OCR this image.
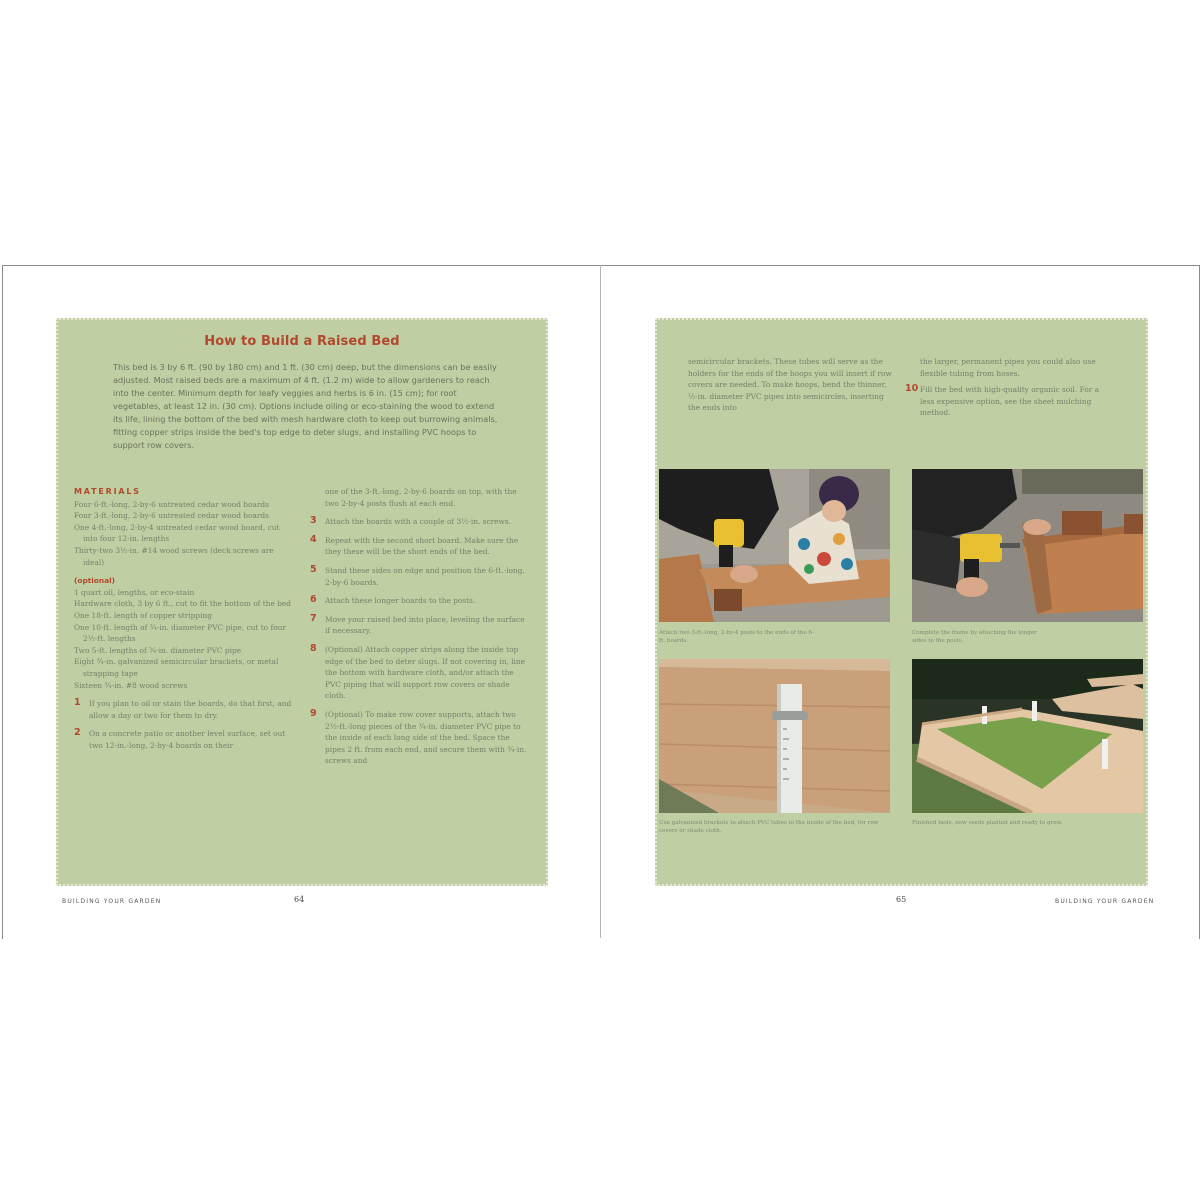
How to Build a Raised Bed
This bed is 3 by 6 ft. (90 by 180 cm) and 1 ft. (30 cm) deep, but the dimensions can be easily adjusted. Most raised beds are a maximum of 4 ft. (1.2 m) wide to allow gardeners to reach into the center. Minimum depth for leafy veggies and herbs is 6 in. (15 cm); for root vegetables, at least 12 in. (30 cm). Options include oiling or eco-staining the wood to extend its life, lining the bottom of the bed with mesh hardware cloth to keep out burrowing animals, fitting copper strips inside the bed's top edge to deter slugs, and installing PVC hoops to support row covers.
MATERIALS
Four 6-ft.-long, 2-by-6 untreated cedar wood boards
Four 3-ft.-long, 2-by-6 untreated cedar wood boards
One 4-ft.-long, 2-by-4 untreated cedar wood board, cut into four 12-in. lengths
Thirty-two 3½-in. #14 wood screws (deck screws are ideal)
(optional)
1 quart oil, lengths, or eco-stain
Hardware cloth, 3 by 6 ft., cut to fit the bottom of the bed
One 18-ft. length of copper stripping
One 10-ft. length of ¾-in. diameter PVC pipe, cut to four 2½-ft. lengths
Two 5-ft. lengths of ¾-in. diameter PVC pipe
Eight ¾-in. galvanized semicircular brackets, or metal strapping tape
Sixteen ¾-in. #8 wood screws
1 If you plan to oil or stain the boards, do that first, and allow a day or two for them to dry.
2 On a concrete patio or another level surface, set out two 12-in.-long, 2-by-4 boards on their
one of the 3-ft.-long, 2-by-6 boards on top, with the two 2-by-4 posts flush at each end.
3 Attach the boards with a couple of 3½-in. screws.
4 Repeat with the second short board. Make sure the they these will be the short ends of the bed.
5 Stand these sides on edge and position the 6-ft.-long, 2-by-6 boards.
6 Attach these longer boards to the posts.
7 Move your raised bed into place, leveling the surface if necessary.
8 (Optional) Attach copper strips along the inside top edge of the bed to deter slugs. If not covering in, line the bottom with hardware cloth, and/or attach the PVC piping that will support row covers or shade cloth.
9 (Optional) To make row cover supports, attach two 2½-ft.-long pieces of the ¾-in. diameter PVC pipe to the inside of each long side of the bed. Space the pipes 2 ft. from each end, and secure them with ¾-in. screws and
BUILDING YOUR GARDEN	64
semicircular brackets. These tubes will serve as the holders for the ends of the hoops you will insert if row covers are needed. To make hoops, bend the thinner, ½-in. diameter PVC pipes into semicircles, inserting the ends into
the larger, permanent pipes you could also use flexible tubing from hoses.
10 Fill the bed with high-quality organic soil. For a less expensive option, see the sheet mulching method.
Attach two 3-ft.-long, 2-by-4 posts to the ends of the 6-ft. boards.
Complete the frame by attaching the longer sides to the posts.
Use galvanized brackets to attach PVC tubes to the inside of the bed, for row covers or shade cloth.
Finished beds, new seeds planted and ready to grow.
65	BUILDING YOUR GARDEN
